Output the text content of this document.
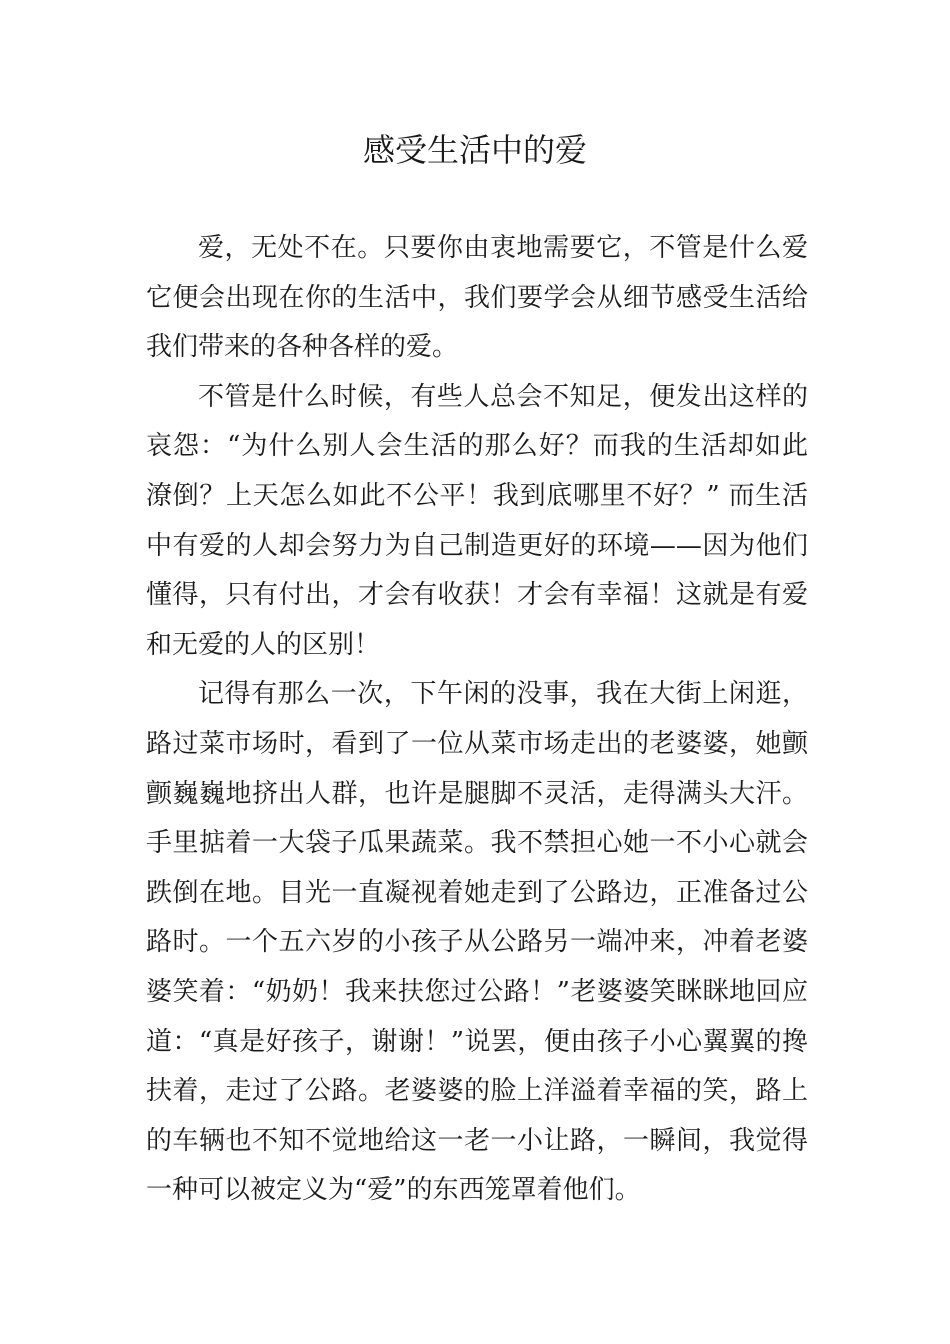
感受生活中的爱

爱，无处不在。只要你由衷地需要它，不管是什么爱它便会出现在你的生活中，我们要学会从细节感受生活给我们带来的各种各样的爱。

不管是什么时候，有些人总会不知足，便发出这样的哀怨：“为什么别人会生活的那么好？而我的生活却如此潦倒？上天怎么如此不公平！我到底哪里不好？” 而生活中有爱的人却会努力为自己制造更好的环境——因为他们懂得，只有付出，才会有收获！才会有幸福！这就是有爱和无爱的人的区别！

记得有那么一次，下午闲的没事，我在大街上闲逛，路过菜市场时，看到了一位从菜市场走出的老婆婆，她颤颤巍巍地挤出人群，也许是腿脚不灵活，走得满头大汗。手里掂着一大袋子瓜果蔬菜。我不禁担心她一不小心就会跌倒在地。目光一直凝视着她走到了公路边，正准备过公路时。一个五六岁的小孩子从公路另一端冲来，冲着老婆婆笑着：“奶奶！我来扶您过公路！”老婆婆笑眯眯地回应道：“真是好孩子，谢谢！”说罢，便由孩子小心翼翼的搀扶着，走过了公路。老婆婆的脸上洋溢着幸福的笑，路上的车辆也不知不觉地给这一老一小让路，一瞬间，我觉得一种可以被定义为“爱”的东西笼罩着他们。
